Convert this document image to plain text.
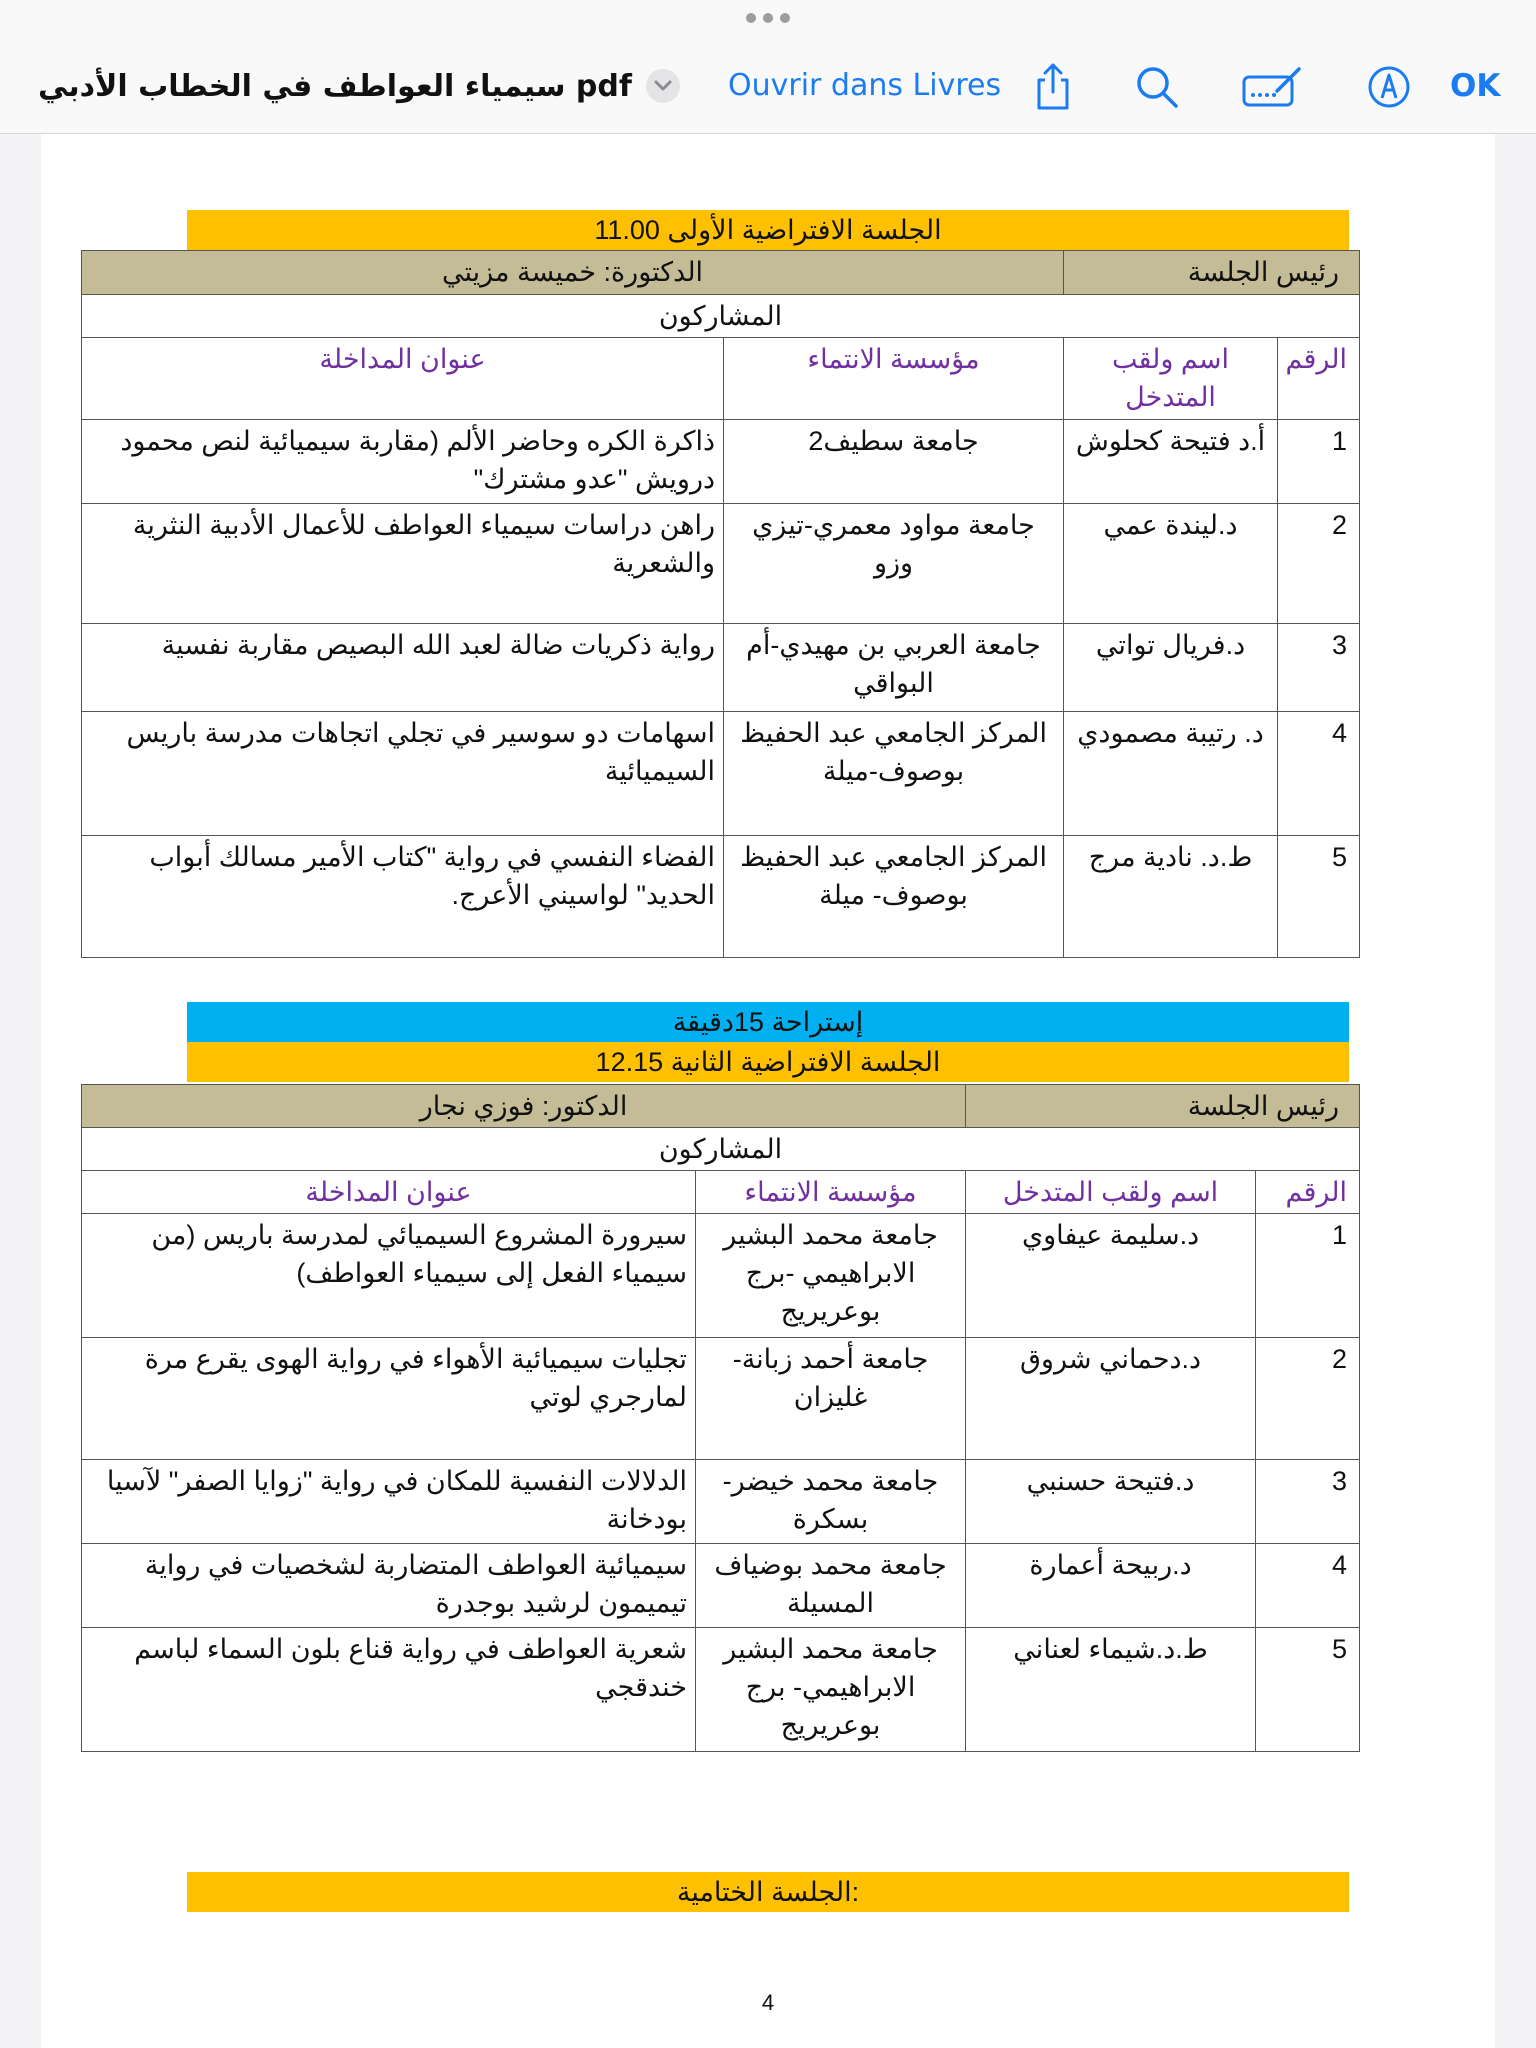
سيمياء العواطف في الخطاب الأدبي pdf	Ouvrir dans Livres	OK
الجلسة الافتراضية الأولى 11.00
رئيس الجلسة		الدكتورة: خميسة مزيتي	
المشاركون			
الرقم	اسم ولقب المتدخل	مؤسسة الانتماء	عنوان المداخلة
1	أ.د فتيحة كحلوش	جامعة سطيف2	ذاكرة الكره وحاضر الألم (مقاربة سيميائية لنص محمود درويش "عدو مشترك"
2	د.ليندة عمي	جامعة مواود معمري-تيزي وزو	راهن دراسات سيمياء العواطف للأعمال الأدبية النثرية والشعرية
3	د.فريال تواتي	جامعة العربي بن مهيدي-أم البواقي	رواية ذكريات ضالة لعبد الله البصيص مقاربة نفسية
4	د. رتيبة مصمودي	المركز الجامعي عبد الحفيظ بوصوف-ميلة	اسهامات دو سوسير في تجلي اتجاهات مدرسة باريس السيميائية
5	ط.د. نادية مرج	المركز الجامعي عبد الحفيظ بوصوف- ميلة	الفضاء النفسي في رواية "كتاب الأمير مسالك أبواب الحديد" لواسيني الأعرج.
إستراحة 15دقيقة
الجلسة الافتراضية الثانية 12.15
رئيس الجلسة		الدكتور: فوزي نجار	
المشاركون			
الرقم	اسم ولقب المتدخل	مؤسسة الانتماء	عنوان المداخلة
1	د.سليمة عيفاوي	جامعة محمد البشير الابراهيمي -برج بوعريريج	سيرورة المشروع السيميائي لمدرسة باريس (من سيمياء الفعل إلى سيمياء العواطف)
2	د.دحماني شروق	جامعة أحمد زبانة-غليزان	تجليات سيميائية الأهواء في رواية الهوى يقرع مرة لمارجري لوتي
3	د.فتيحة حسنبي	جامعة محمد خيضر- بسكرة	الدلالات النفسية للمكان في رواية "زوايا الصفر" لآسيا بودخانة
4	د.ربيحة أعمارة	جامعة محمد بوضياف المسيلة	سيميائية العواطف المتضاربة لشخصيات في رواية تيميمون لرشيد بوجدرة
5	ط.د.شيماء لعناني	جامعة محمد البشير الابراهيمي- برج بوعريريج	شعرية العواطف في رواية قناع بلون السماء لباسم خندقجي
الجلسة الختامية:
4
